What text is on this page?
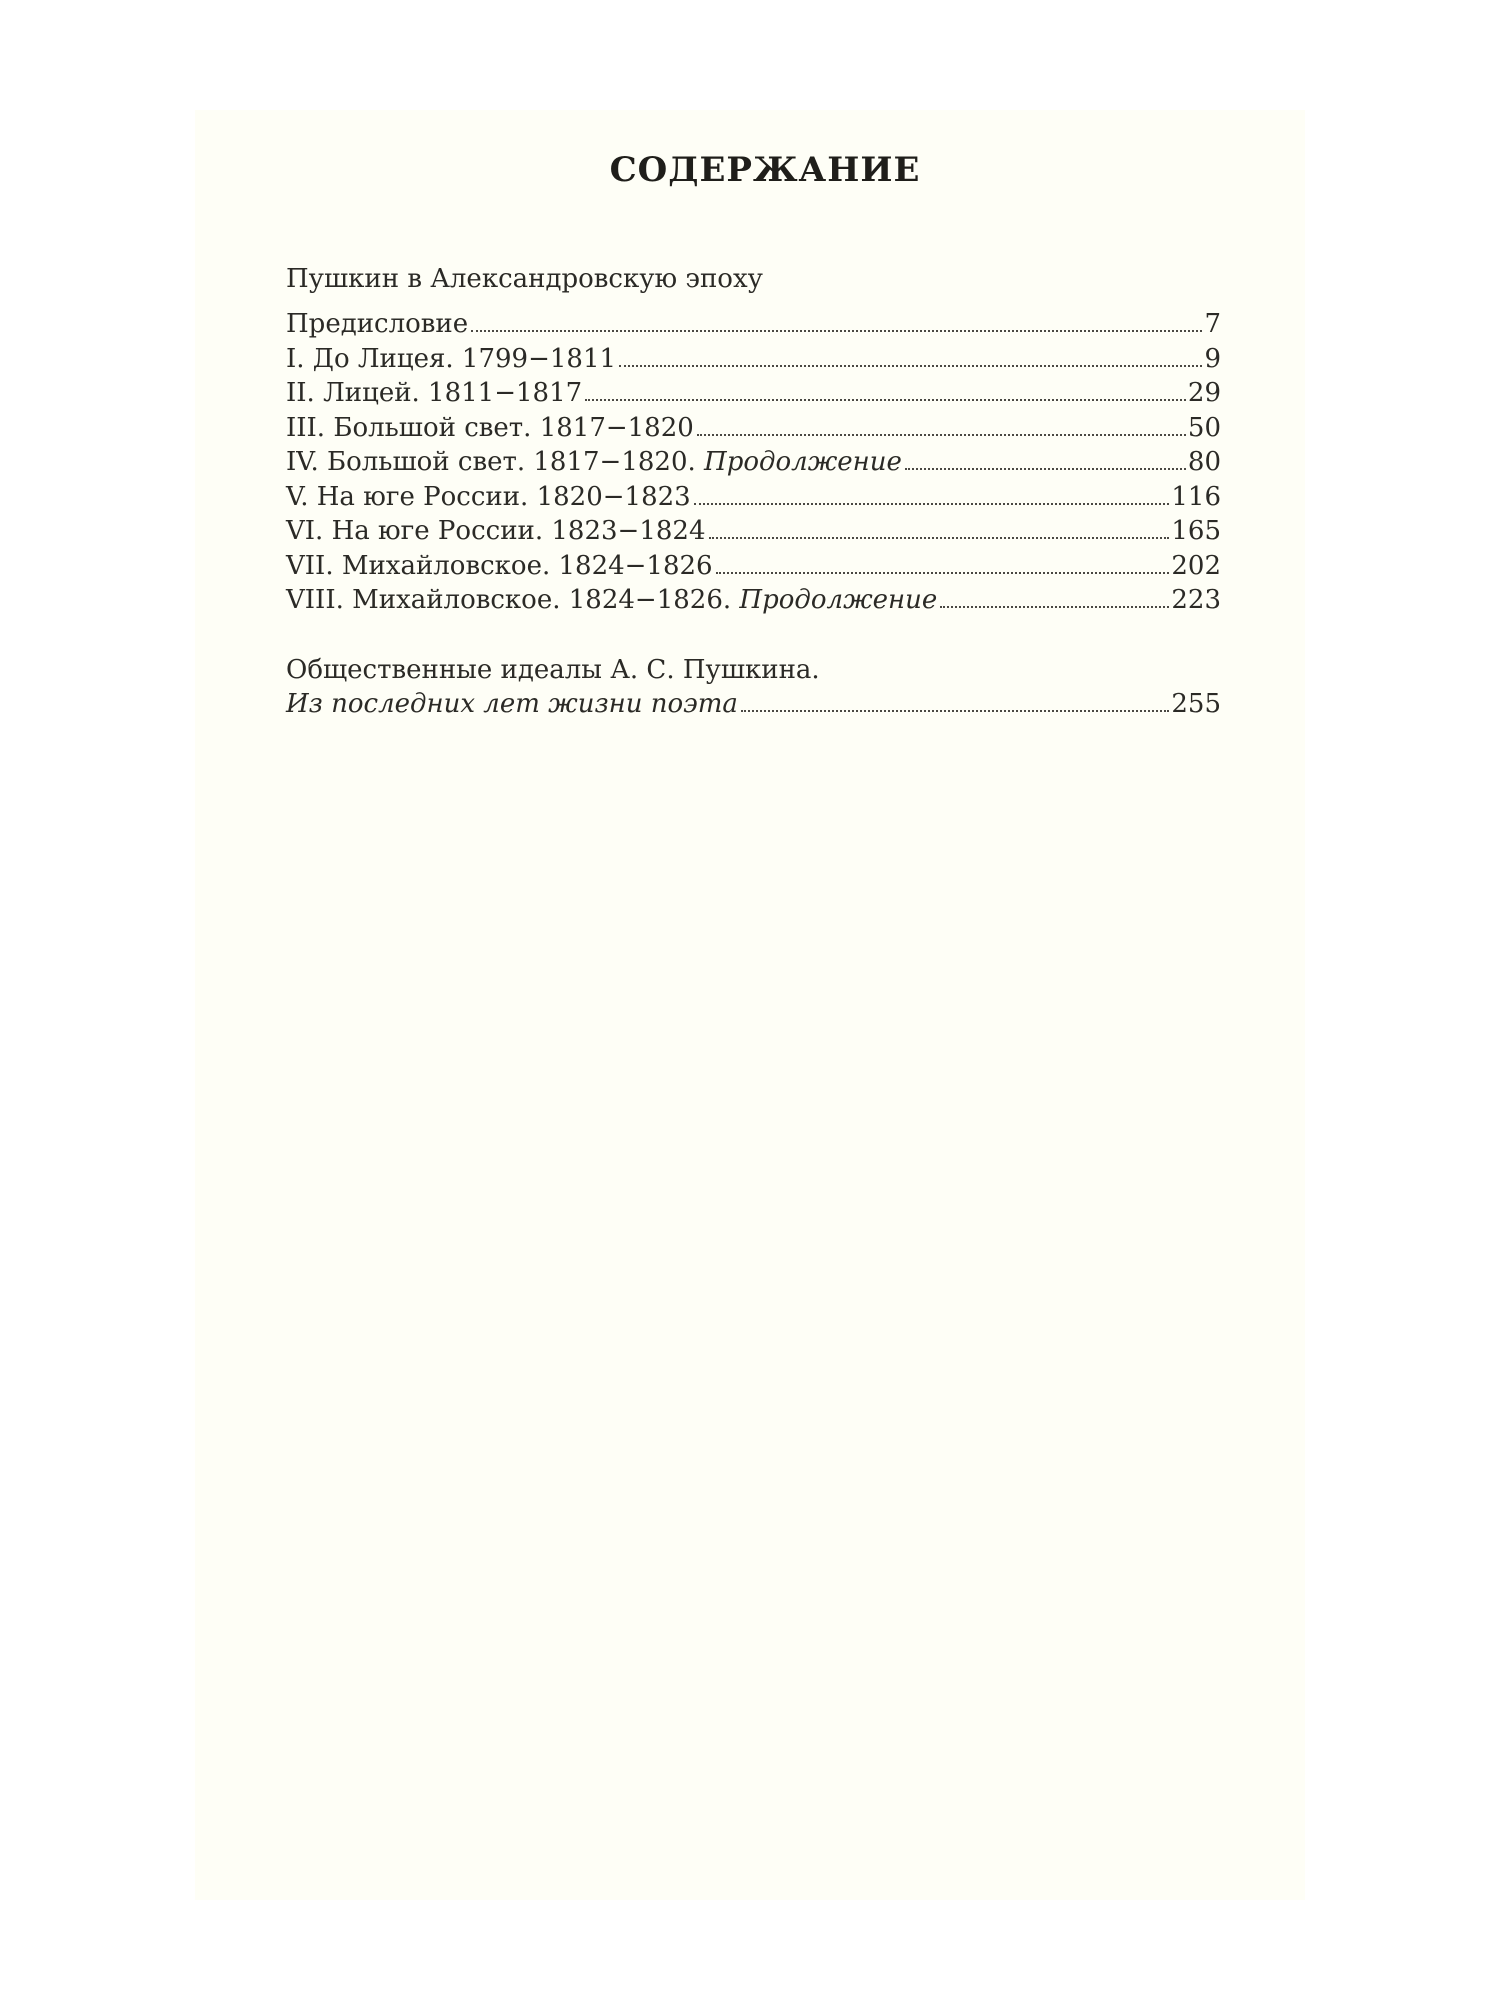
СОДЕРЖАНИЕ
Пушкин в Александровскую эпоху
Предисловие	7
I. До Лицея. 1799−1811	9
II. Лицей. 1811−1817	29
III. Большой свет. 1817−1820	50
IV. Большой свет. 1817−1820. Продолжение	80
V. На юге России. 1820−1823	116
VI. На юге России. 1823−1824	165
VII. Михайловское. 1824−1826	202
VIII. Михайловское. 1824−1826. Продолжение	223
Общественные идеалы А. С. Пушкина.
Из последних лет жизни поэта	255
